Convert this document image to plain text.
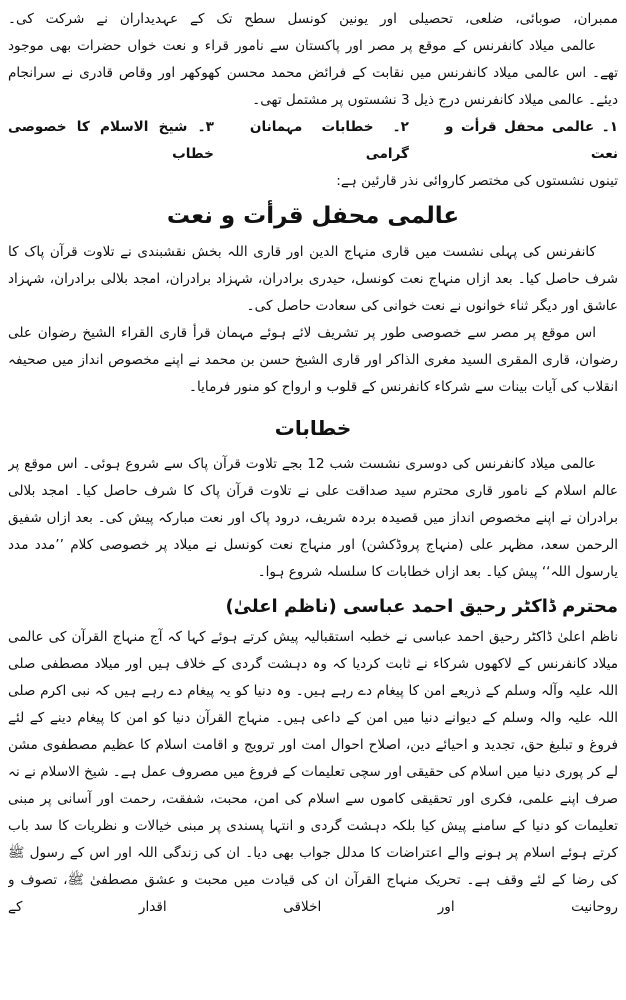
ممبران، صوبائی، ضلعی، تحصیلی اور یونین کونسل سطح تک کے عہدیداران نے شرکت کی۔

عالمی میلاد کانفرنس کے موقع پر مصر اور پاکستان سے نامور قراء و نعت خواں حضرات بھی موجود تھے۔ اس عالمی میلاد کانفرنس میں نقابت کے فرائض محمد محسن کھوکھر اور وقاص قادری نے سرانجام دیئے۔ عالمی میلاد کانفرنس درج ذیل 3 نشستوں پر مشتمل تھی۔

۱۔ عالمی محفل قرأت و نعت
۲۔ خطابات مہمانان گرامی
۳۔ شیخ الاسلام کا خصوصی خطاب

تینوں نشستوں کی مختصر کاروائی نذر قارئین ہے:

عالمی محفل قرأت و نعت

کانفرنس کی پہلی نشست میں قاری منہاج الدین اور قاری اللہ بخش نقشبندی نے تلاوت قرآن پاک کا شرف حاصل کیا۔ بعد ازاں منہاج نعت کونسل، حیدری برادران، شہزاد برادران، امجد بلالی برادران، شہزاد عاشق اور دیگر ثناء خوانوں نے نعت خوانی کی سعادت حاصل کی۔

اس موقع پر مصر سے خصوصی طور پر تشریف لائے ہوئے مہمان قرأ قاری القراء الشیخ رضوان علی رضوان، قاری المقری السید مغری الذاکر اور قاری الشیخ حسن بن محمد نے اپنے مخصوص انداز میں صحیفہ انقلاب کی آیات بینات سے شرکاء کانفرنس کے قلوب و ارواح کو منور فرمایا۔

خطابات

عالمی میلاد کانفرنس کی دوسری نشست شب 12 بجے تلاوت قرآن پاک سے شروع ہوئی۔ اس موقع پر عالم اسلام کے نامور قاری محترم سید صداقت علی نے تلاوت قرآن پاک کا شرف حاصل کیا۔ امجد بلالی برادران نے اپنے مخصوص انداز میں قصیدہ بردہ شریف، درود پاک اور نعت مبارکہ پیش کی۔ بعد ازاں شفیق الرحمن سعد، مظہر علی (منہاج پروڈکشن) اور منہاج نعت کونسل نے میلاد پر خصوصی کلام ’’مدد مدد یارسول اللہ‘‘ پیش کیا۔ بعد ازاں خطابات کا سلسلہ شروع ہوا۔

محترم ڈاکٹر رحیق احمد عباسی (ناظم اعلیٰ)

ناظم اعلیٰ ڈاکٹر رحیق احمد عباسی نے خطبہ استقبالیہ پیش کرتے ہوئے کہا کہ آج منہاج القرآن کی عالمی میلاد کانفرنس کے لاکھوں شرکاء نے ثابت کردیا کہ وہ دہشت گردی کے خلاف ہیں اور میلاد مصطفی صلی اللہ علیہ وآلہ وسلم کے ذریعے امن کا پیغام دے رہے ہیں۔ وہ دنیا کو یہ پیغام دے رہے ہیں کہ نبی اکرم صلی اللہ علیہ والہ وسلم کے دیوانے دنیا میں امن کے داعی ہیں۔ منہاج القرآن دنیا کو امن کا پیغام دینے کے لئے فروغ و تبلیغ حق، تجدید و احیائے دین، اصلاح احوال امت اور ترویج و اقامت اسلام کا عظیم مصطفوی مشن لے کر پوری دنیا میں اسلام کی حقیقی اور سچی تعلیمات کے فروغ میں مصروف عمل ہے۔ شیخ الاسلام نے نہ صرف اپنے علمی، فکری اور تحقیقی کاموں سے اسلام کی امن، محبت، شفقت، رحمت اور آسانی پر مبنی تعلیمات کو دنیا کے سامنے پیش کیا بلکہ دہشت گردی و انتہا پسندی پر مبنی خیالات و نظریات کا سد باب کرتے ہوئے اسلام پر ہونے والے اعتراضات کا مدلل جواب بھی دیا۔ ان کی زندگی اللہ اور اس کے رسول ﷺ کی رضا کے لئے وقف ہے۔ تحریک منہاج القرآن ان کی قیادت میں محبت و عشق مصطفیٰ ﷺ، تصوف و روحانیت اور اخلاقی اقدار کے
